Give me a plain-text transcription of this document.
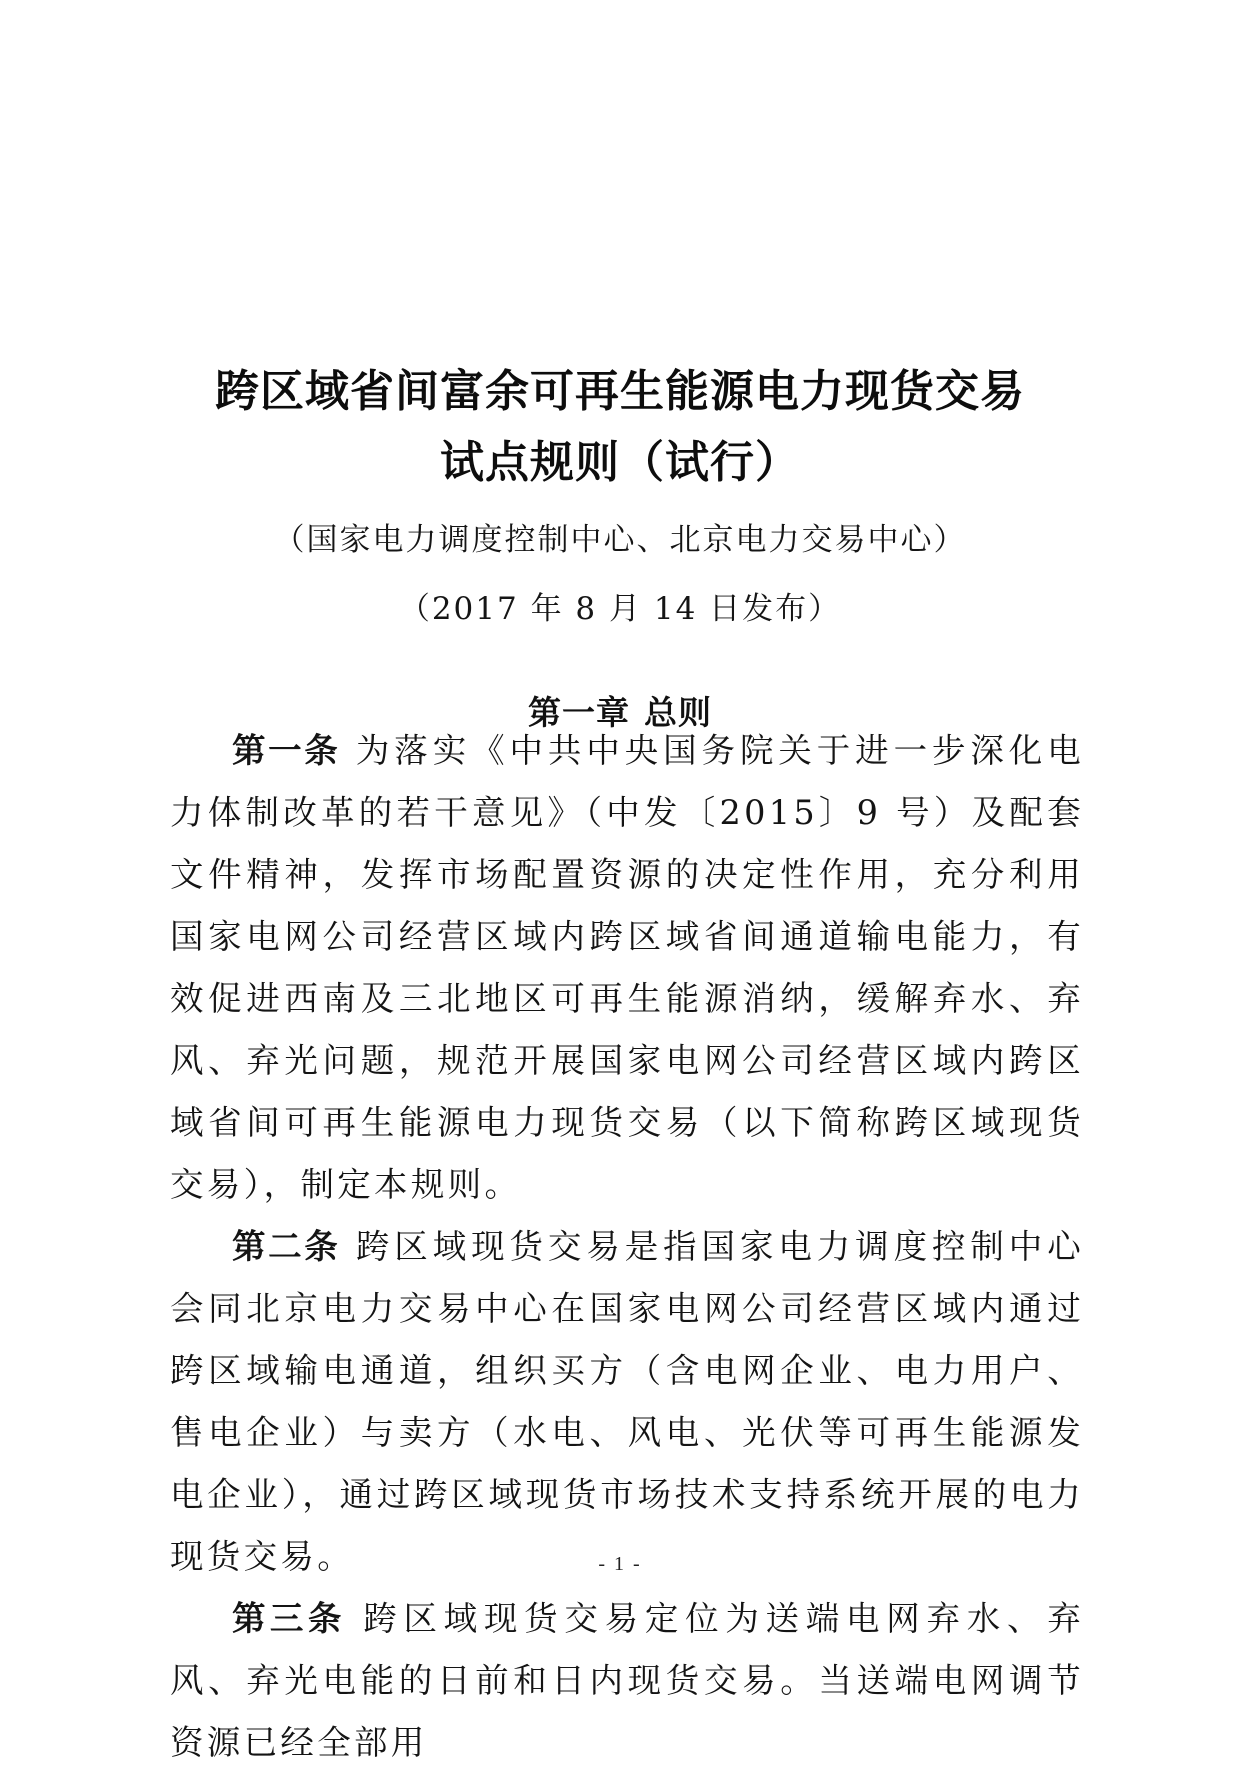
跨区域省间富余可再生能源电力现货交易
试点规则（试行）
（国家电力调度控制中心、北京电力交易中心）
（2017 年 8 月 14 日发布）
第一章 总则

第一条 为落实《中共中央国务院关于进一步深化电力体制改革的若干意见》（中发〔2015〕9 号）及配套文件精神，发挥市场配置资源的决定性作用，充分利用国家电网公司经营区域内跨区域省间通道输电能力，有效促进西南及三北地区可再生能源消纳，缓解弃水、弃风、弃光问题，规范开展国家电网公司经营区域内跨区域省间可再生能源电力现货交易（以下简称跨区域现货交易），制定本规则。

第二条 跨区域现货交易是指国家电力调度控制中心会同北京电力交易中心在国家电网公司经营区域内通过跨区域输电通道，组织买方（含电网企业、电力用户、售电企业）与卖方（水电、风电、光伏等可再生能源发电企业），通过跨区域现货市场技术支持系统开展的电力现货交易。

第三条 跨区域现货交易定位为送端电网弃水、弃风、弃光电能的日前和日内现货交易。当送端电网调节资源已经全部用

- 1 -
